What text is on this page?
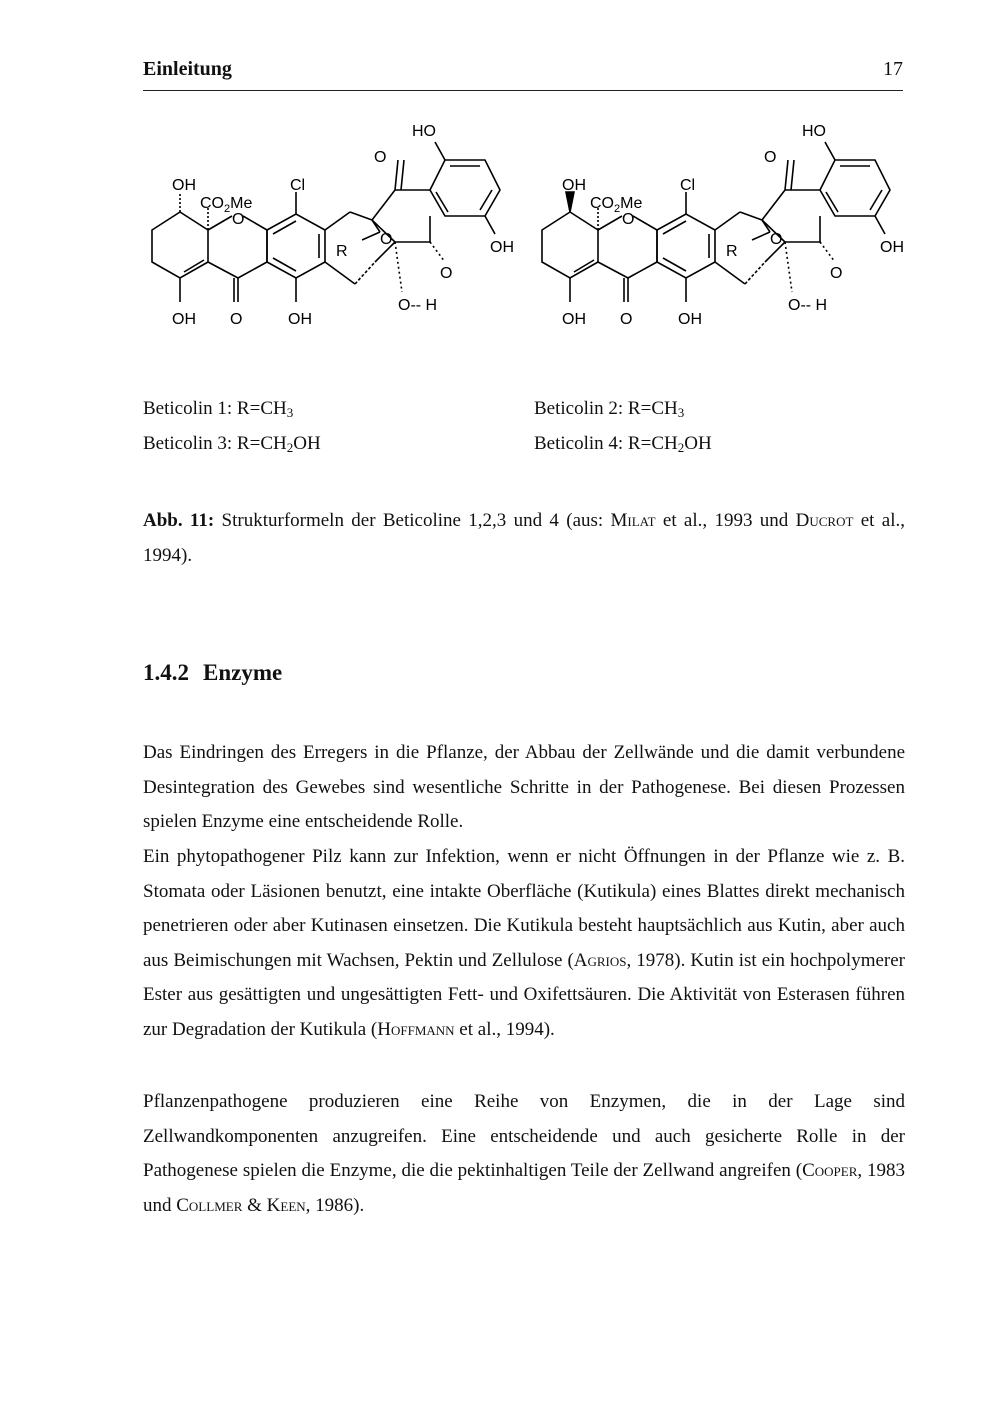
Einleitung	17
OH
$CO_2Me$
O
Cl
O
HO
R
O	OH
O
O-- H
OH O	OH
OH
$CO_2Me$
O
Cl
O
HO
R
O	OH
O
O-- H
OH O	OH
Beticolin 1: $R=CH_3$	Beticolin 2: $R=CH_3$
Beticolin 3: $R=CH_2OH$	Beticolin 4: $R=CH_2OH$
Abb. 11: Strukturformeln der Beticoline 1,2,3 und 4 (aus: Milat et al., 1993 und Ducrot et al., 1994).
1.4.2 Enzyme

Das Eindringen des Erregers in die Pflanze, der Abbau der Zellwände und die damit verbundene Desintegration des Gewebes sind wesentliche Schritte in der Pathogenese. Bei diesen Prozessen spielen Enzyme eine entscheidende Rolle.

Ein phytopathogener Pilz kann zur Infektion, wenn er nicht Öffnungen in der Pflanze wie z. B. Stomata oder Läsionen benutzt, eine intakte Oberfläche (Kutikula) eines Blattes direkt mechanisch penetrieren oder aber Kutinasen einsetzen. Die Kutikula besteht hauptsächlich aus Kutin, aber auch aus Beimischungen mit Wachsen, Pektin und Zellulose (Agrios, 1978). Kutin ist ein hochpolymerer Ester aus gesättigten und ungesättigten Fett- und Oxifettsäuren. Die Aktivität von Esterasen führen zur Degradation der Kutikula (Hoffmann et al., 1994).

Pflanzenpathogene produzieren eine Reihe von Enzymen, die in der Lage sind Zellwandkomponenten anzugreifen. Eine entscheidende und auch gesicherte Rolle in der Pathogenese spielen die Enzyme, die die pektinhaltigen Teile der Zellwand angreifen (Cooper, 1983 und Collmer & Keen, 1986).
